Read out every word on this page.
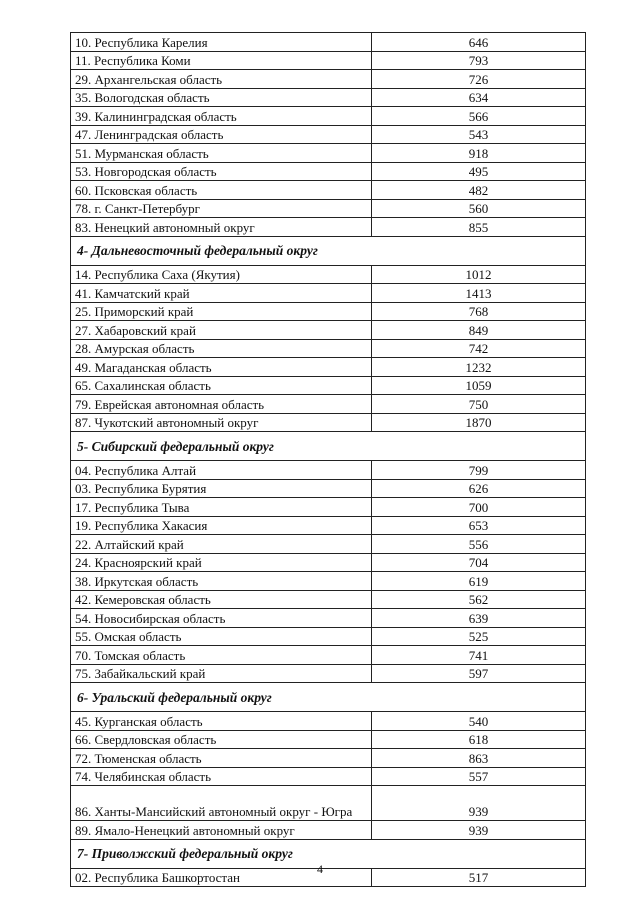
10. Республика Карелия	646
11. Республика Коми	793
29. Архангельская область	726
35. Вологодская область	634
39. Калининградская область	566
47. Ленинградская область	543
51. Мурманская область	918
53. Новгородская область	495
60. Псковская область	482
78. г. Санкт-Петербург	560
83. Ненецкий автономный округ	855
4- Дальневосточный федеральный округ	
14. Республика Саха (Якутия)	1012
41. Камчатский край	1413
25. Приморский край	768
27. Хабаровский край	849
28. Амурская область	742
49. Магаданская область	1232
65. Сахалинская область	1059
79. Еврейская автономная область	750
87. Чукотский автономный округ	1870
5- Сибирский федеральный округ	
04. Республика Алтай	799
03. Республика Бурятия	626
17. Республика Тыва	700
19. Республика Хакасия	653
22. Алтайский край	556
24. Красноярский край	704
38. Иркутская область	619
42. Кемеровская область	562
54. Новосибирская область	639
55. Омская область	525
70. Томская область	741
75. Забайкальский край	597
6- Уральский федеральный округ	
45. Курганская область	540
66. Свердловская область	618
72. Тюменская область	863
74. Челябинская область	557
86. Ханты-Мансийский автономный округ - Югра	939
89. Ямало-Ненецкий автономный округ	939
7- Приволжский федеральный округ	
02. Республика Башкортостан	517
4
